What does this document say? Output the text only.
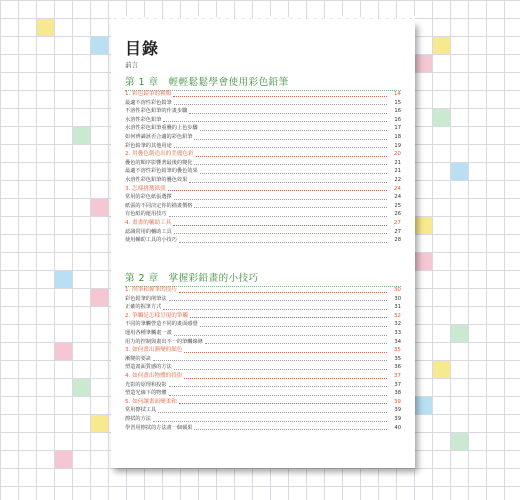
目錄
前言
第 1 章　輕輕鬆鬆學會使用彩色鉛筆
1. 彩色鉛筆的種類	14
最適不溶性彩色鉛筆	15
不溶性彩色鉛筆的作畫步驟	16
水溶性彩色鉛筆	16
水溶性彩色鉛筆重疊的上色步驟	17
如何辨識該否合適的彩色鉛筆	18
彩色鉛筆的其他用途	19
2. 用疊色創造出的美麗色彩	20
疊色的順序影響著最後的變化	21
最適不溶性彩色鉛筆的疊色效果	21
水溶性彩色鉛筆的疊色效果	22
3. 怎樣挑選紙張	24
常用的彩色紙張選擇	24
紙張的不同決定你的描畫價格	25
有色紙的運用技巧	26
4. 畫畫的輔助工具	27
認識常用的輔助工具	27
使用輔助工具的小技巧	28
第 2 章　掌握彩鉛畫的小技巧
1. 削筆和握筆的技巧	30
彩色鉛筆的削筆法	30
正確的握筆方式	31
2. 筆觸是怎樣呈現的筆觸	32
不同的筆觸營造不同的畫面感覺	32
運用各種筆觸畫一畫	33
用力的控制與畫出不一的筆觸線條	34
3. 如何畫出漸變的顏色	35
漸變的要訣	35
塑造畫面質感的方法	36
4. 如何畫出物體的投影	37
光影的原理和投影	37
塑造光線下的物體	38
5. 如何讓畫面變柔和	39
常用擦拭工具	39
擦拭的方法	39
學習用擦拭的方法畫一個蘋果	40
